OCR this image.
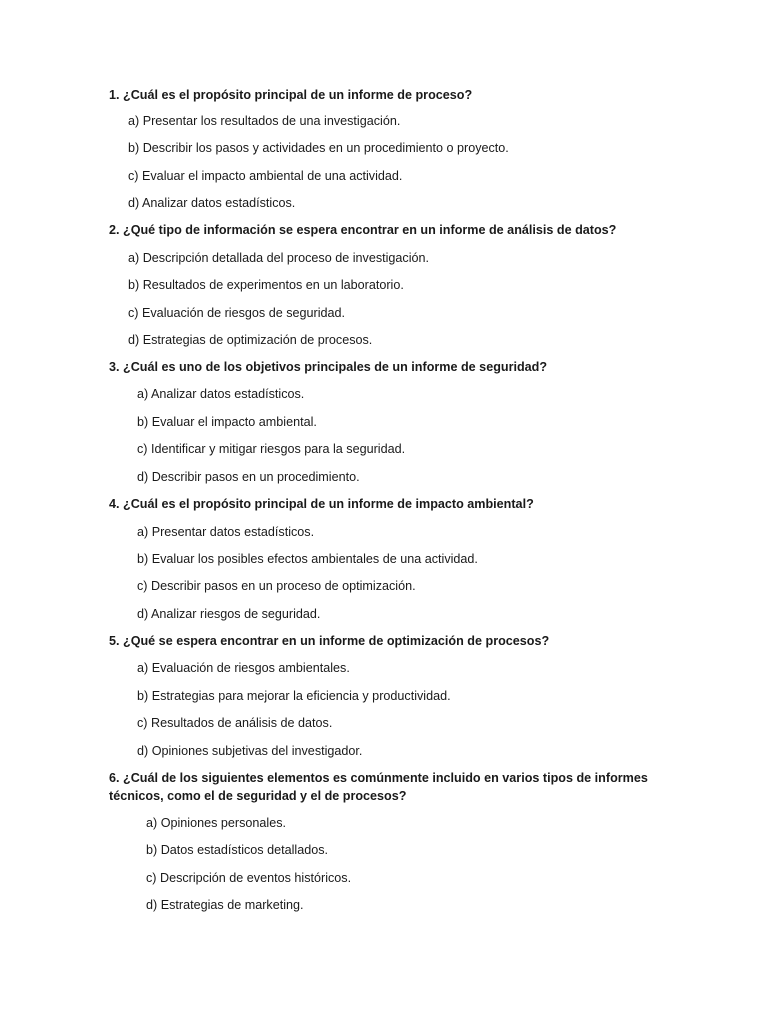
1. ¿Cuál es el propósito principal de un informe de proceso?
a) Presentar los resultados de una investigación.
b) Describir los pasos y actividades en un procedimiento o proyecto.
c) Evaluar el impacto ambiental de una actividad.
d) Analizar datos estadísticos.
2. ¿Qué tipo de información se espera encontrar en un informe de análisis de datos?
a) Descripción detallada del proceso de investigación.
b) Resultados de experimentos en un laboratorio.
c) Evaluación de riesgos de seguridad.
d) Estrategias de optimización de procesos.
3. ¿Cuál es uno de los objetivos principales de un informe de seguridad?
a) Analizar datos estadísticos.
b) Evaluar el impacto ambiental.
c) Identificar y mitigar riesgos para la seguridad.
d) Describir pasos en un procedimiento.
4. ¿Cuál es el propósito principal de un informe de impacto ambiental?
a) Presentar datos estadísticos.
b) Evaluar los posibles efectos ambientales de una actividad.
c) Describir pasos en un proceso de optimización.
d) Analizar riesgos de seguridad.
5. ¿Qué se espera encontrar en un informe de optimización de procesos?
a) Evaluación de riesgos ambientales.
b) Estrategias para mejorar la eficiencia y productividad.
c) Resultados de análisis de datos.
d) Opiniones subjetivas del investigador.
6. ¿Cuál de los siguientes elementos es comúnmente incluido en varios tipos de informes técnicos, como el de seguridad y el de procesos?
a) Opiniones personales.
b) Datos estadísticos detallados.
c) Descripción de eventos históricos.
d) Estrategias de marketing.
